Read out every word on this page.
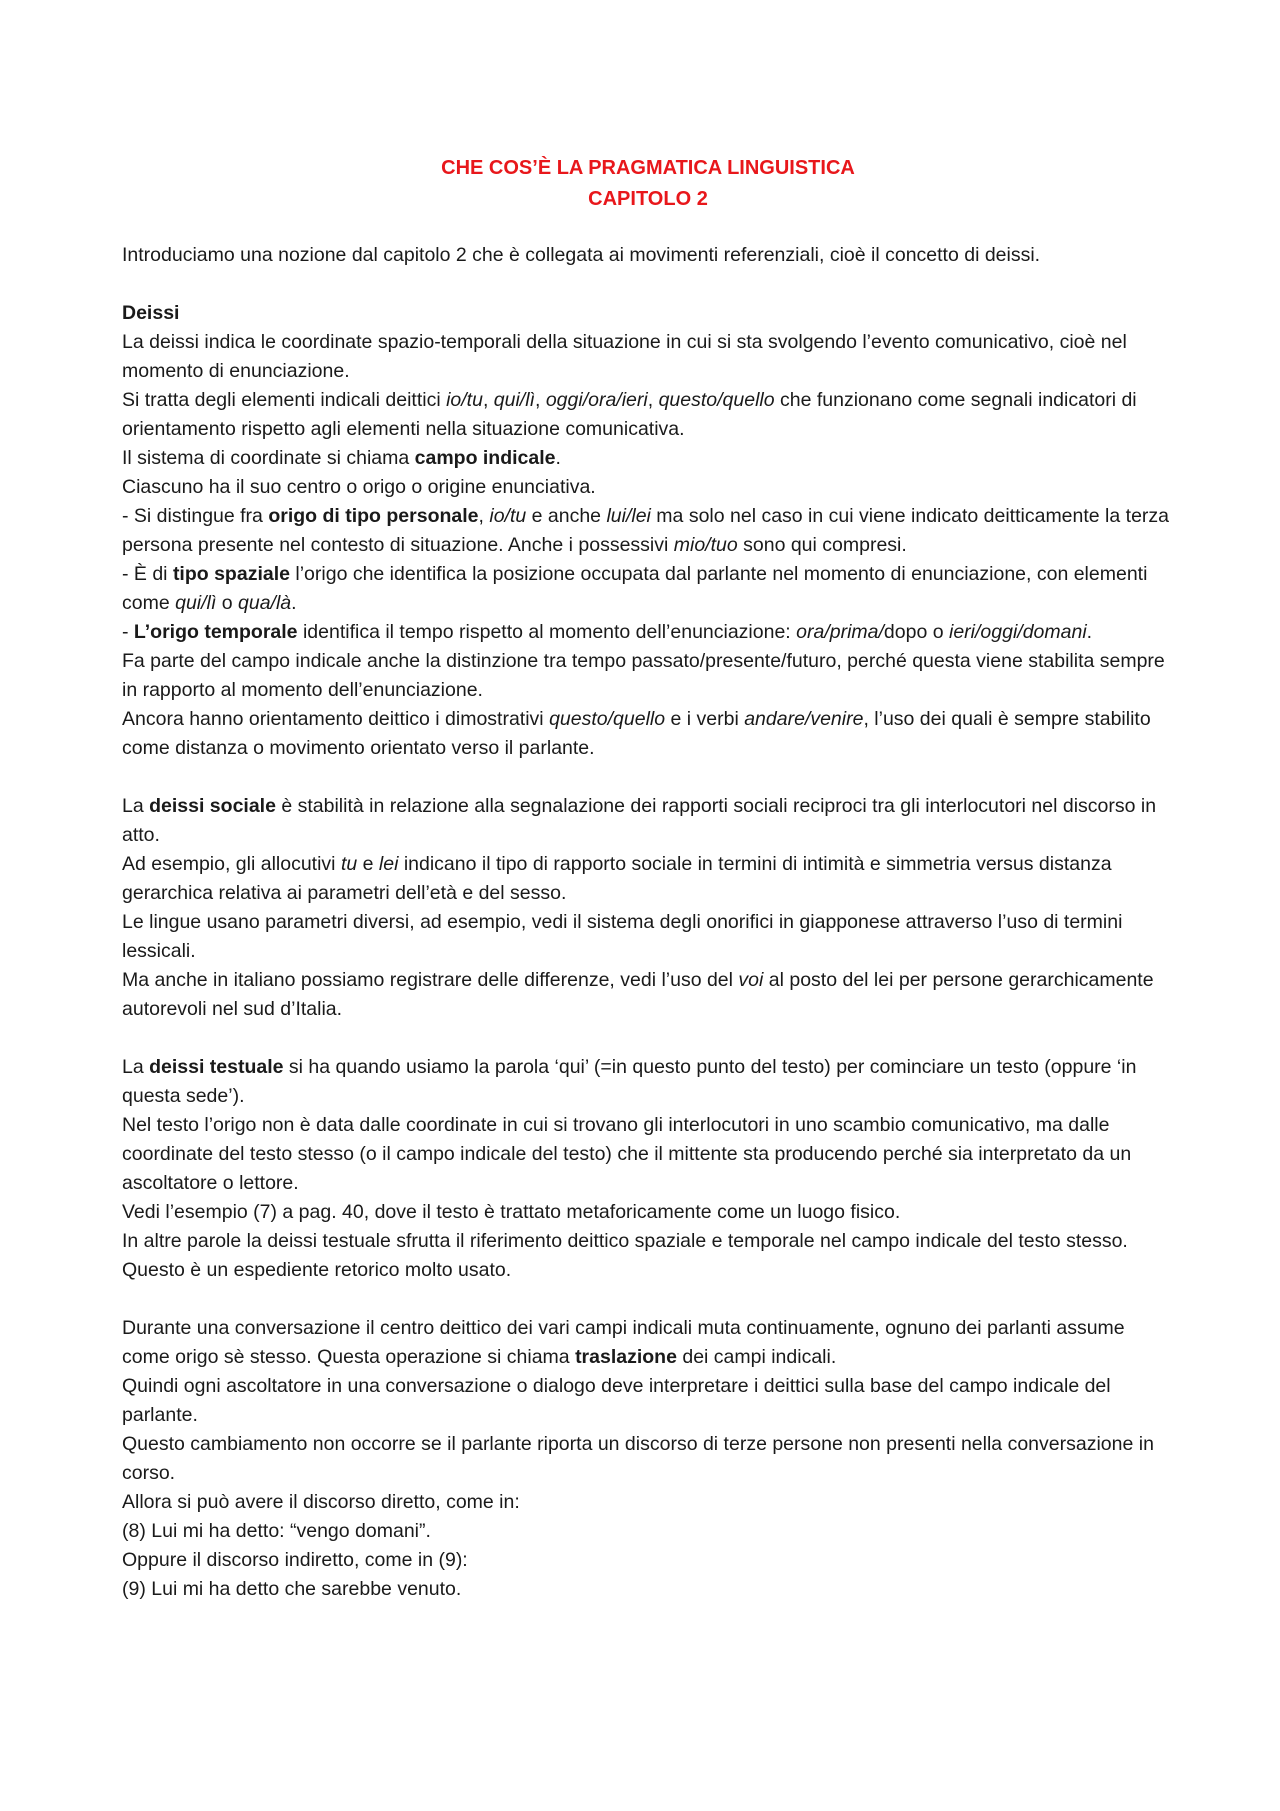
CHE COS’È LA PRAGMATICA LINGUISTICA

CAPITOLO 2

Introduciamo una nozione dal capitolo 2 che è collegata ai movimenti referenziali, cioè il concetto di deissi.

Deissi

La deissi indica le coordinate spazio-temporali della situazione in cui si sta svolgendo l’evento comunicativo, cioè nel momento di enunciazione.

Si tratta degli elementi indicali deittici io/tu, qui/lì, oggi/ora/ieri, questo/quello che funzionano come segnali indicatori di orientamento rispetto agli elementi nella situazione comunicativa.

Il sistema di coordinate si chiama campo indicale.

Ciascuno ha il suo centro o origo o origine enunciativa.

- Si distingue fra origo di tipo personale, io/tu e anche lui/lei ma solo nel caso in cui viene indicato deitticamente la terza persona presente nel contesto di situazione. Anche i possessivi mio/tuo sono qui compresi.

- È di tipo spaziale l’origo che identifica la posizione occupata dal parlante nel momento di enunciazione, con elementi come qui/lì o qua/là.

- L’origo temporale identifica il tempo rispetto al momento dell’enunciazione: ora/prima/dopo o ieri/oggi/domani.

Fa parte del campo indicale anche la distinzione tra tempo passato/presente/futuro, perché questa viene stabilita sempre in rapporto al momento dell’enunciazione.

Ancora hanno orientamento deittico i dimostrativi questo/quello e i verbi andare/venire, l’uso dei quali è sempre stabilito come distanza o movimento orientato verso il parlante.

La deissi sociale è stabilità in relazione alla segnalazione dei rapporti sociali reciproci tra gli interlocutori nel discorso in atto.

Ad esempio, gli allocutivi tu e lei indicano il tipo di rapporto sociale in termini di intimità e simmetria versus distanza gerarchica relativa ai parametri dell’età e del sesso.

Le lingue usano parametri diversi, ad esempio, vedi il sistema degli onorifici in giapponese attraverso l’uso di termini lessicali.

Ma anche in italiano possiamo registrare delle differenze, vedi l’uso del voi al posto del lei per persone gerarchicamente autorevoli nel sud d’Italia.

La deissi testuale si ha quando usiamo la parola ‘qui’ (=in questo punto del testo) per cominciare un testo (oppure ‘in questa sede’).

Nel testo l’origo non è data dalle coordinate in cui si trovano gli interlocutori in uno scambio comunicativo, ma dalle coordinate del testo stesso (o il campo indicale del testo) che il mittente sta producendo perché sia interpretato da un ascoltatore o lettore.

Vedi l’esempio (7) a pag. 40, dove il testo è trattato metaforicamente come un luogo fisico.

In altre parole la deissi testuale sfrutta il riferimento deittico spaziale e temporale nel campo indicale del testo stesso. Questo è un espediente retorico molto usato.

Durante una conversazione il centro deittico dei vari campi indicali muta continuamente, ognuno dei parlanti assume come origo sè stesso. Questa operazione si chiama traslazione dei campi indicali.

Quindi ogni ascoltatore in una conversazione o dialogo deve interpretare i deittici sulla base del campo indicale del parlante.

Questo cambiamento non occorre se il parlante riporta un discorso di terze persone non presenti nella conversazione in corso.

Allora si può avere il discorso diretto, come in:

(8) Lui mi ha detto: “vengo domani”.

Oppure il discorso indiretto, come in (9):

(9) Lui mi ha detto che sarebbe venuto.
